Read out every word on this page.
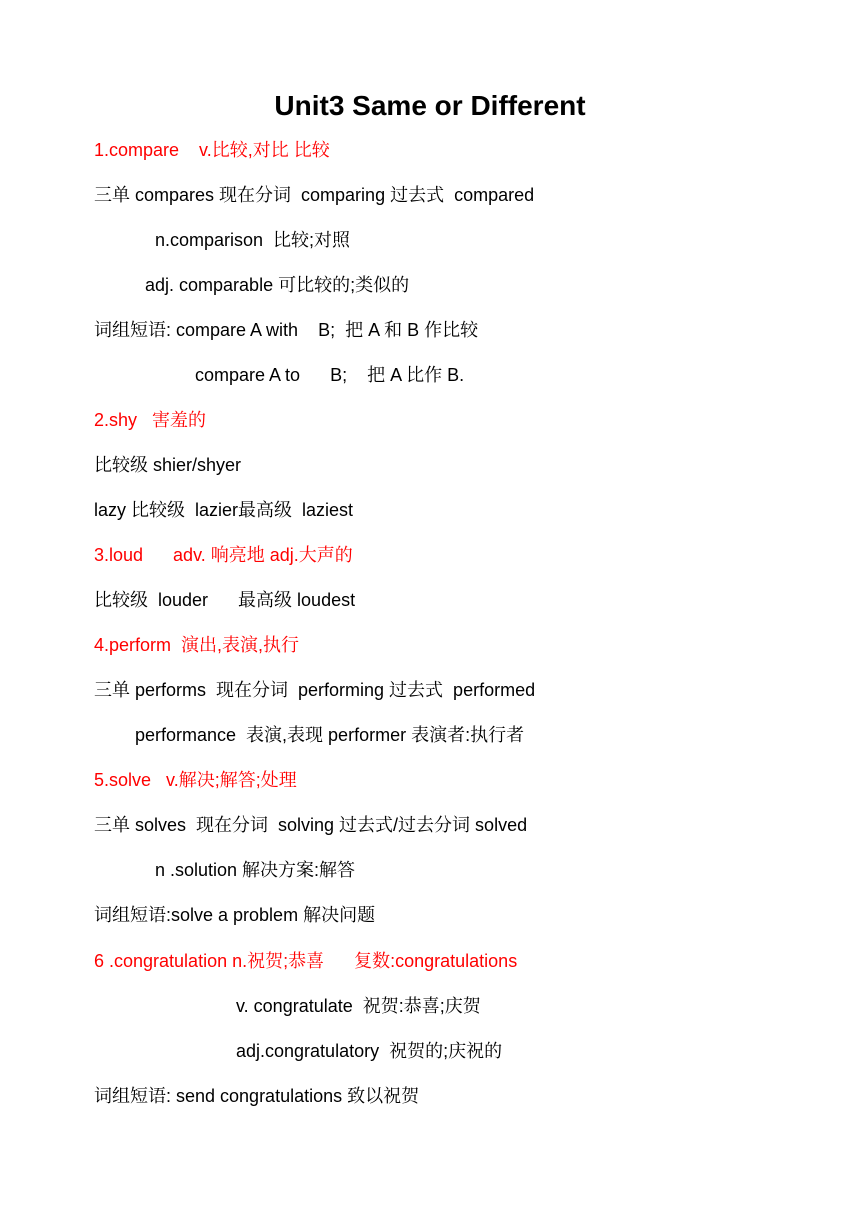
Unit3 Same or Different

1.compare    v.比较,对比 比较

三单 compares 现在分词  comparing 过去式  compared

n.comparison  比较;对照

adj. comparable 可比较的;类似的

词组短语: compare A with    B;  把 A 和 B 作比较

compare A to      B;    把 A 比作 B.

2.shy   害羞的

比较级 shier/shyer

lazy 比较级  lazier最高级  laziest

3.loud      adv. 响亮地 adj.大声的

比较级  louder      最高级 loudest

4.perform  演出,表演,执行

三单 performs  现在分词  performing 过去式  performed

performance  表演,表现 performer 表演者:执行者

5.solve   v.解决;解答;处理

三单 solves  现在分词  solving 过去式/过去分词 solved

n .solution 解决方案:解答

词组短语:solve a problem 解决问题

6 .congratulation n.祝贺;恭喜      复数:congratulations

v. congratulate  祝贺:恭喜;庆贺

adj.congratulatory  祝贺的;庆祝的

词组短语: send congratulations 致以祝贺
